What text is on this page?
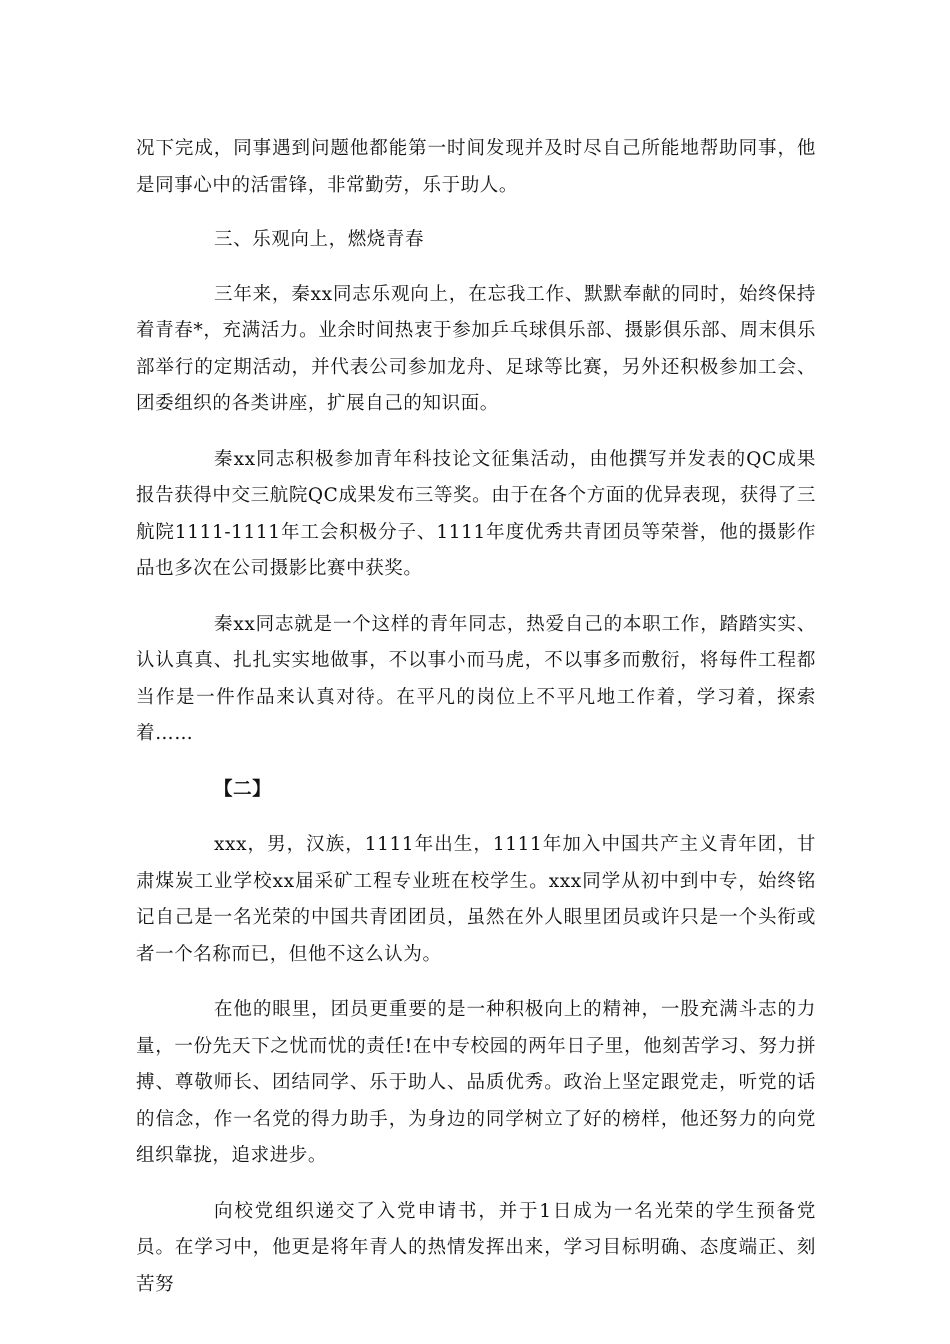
况下完成，同事遇到问题他都能第一时间发现并及时尽自己所能地帮助同事，他是同事心中的活雷锋，非常勤劳，乐于助人。

三、乐观向上，燃烧青春

三年来，秦xx同志乐观向上，在忘我工作、默默奉献的同时，始终保持着青春*，充满活力。业余时间热衷于参加乒乓球俱乐部、摄影俱乐部、周末俱乐部举行的定期活动，并代表公司参加龙舟、足球等比赛，另外还积极参加工会、团委组织的各类讲座，扩展自己的知识面。

秦xx同志积极参加青年科技论文征集活动，由他撰写并发表的QC成果报告获得中交三航院QC成果发布三等奖。由于在各个方面的优异表现，获得了三航院1111-1111年工会积极分子、1111年度优秀共青团员等荣誉，他的摄影作品也多次在公司摄影比赛中获奖。

秦xx同志就是一个这样的青年同志，热爱自己的本职工作，踏踏实实、认认真真、扎扎实实地做事，不以事小而马虎，不以事多而敷衍，将每件工程都当作是一件作品来认真对待。在平凡的岗位上不平凡地工作着，学习着，探索着……

【二】

xxx，男，汉族，1111年出生，1111年加入中国共产主义青年团，甘肃煤炭工业学校xx届采矿工程专业班在校学生。xxx同学从初中到中专，始终铭记自己是一名光荣的中国共青团团员，虽然在外人眼里团员或许只是一个头衔或者一个名称而已，但他不这么认为。

在他的眼里，团员更重要的是一种积极向上的精神，一股充满斗志的力量，一份先天下之忧而忧的责任!在中专校园的两年日子里，他刻苦学习、努力拼搏、尊敬师长、团结同学、乐于助人、品质优秀。政治上坚定跟党走，听党的话的信念，作一名党的得力助手，为身边的同学树立了好的榜样，他还努力的向党组织靠拢，追求进步。

向校党组织递交了入党申请书，并于1日成为一名光荣的学生预备党员。在学习中，他更是将年青人的热情发挥出来，学习目标明确、态度端正、刻苦努
